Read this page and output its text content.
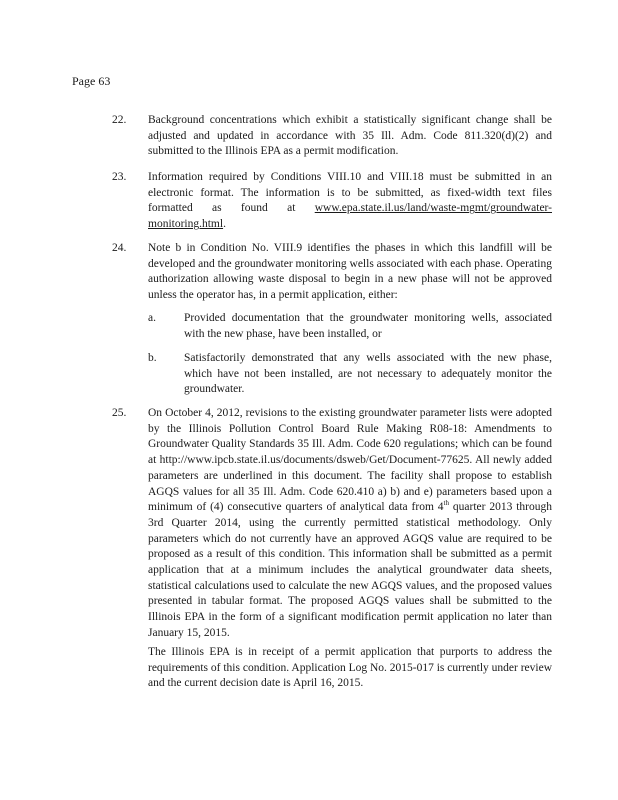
Page 63
22. Background concentrations which exhibit a statistically significant change shall be adjusted and updated in accordance with 35 Ill. Adm. Code 811.320(d)(2) and submitted to the Illinois EPA as a permit modification.
23. Information required by Conditions VIII.10 and VIII.18 must be submitted in an electronic format. The information is to be submitted, as fixed-width text files formatted as found at www.epa.state.il.us/land/waste-mgmt/groundwater-monitoring.html.
24. Note b in Condition No. VIII.9 identifies the phases in which this landfill will be developed and the groundwater monitoring wells associated with each phase. Operating authorization allowing waste disposal to begin in a new phase will not be approved unless the operator has, in a permit application, either:
a. Provided documentation that the groundwater monitoring wells, associated with the new phase, have been installed, or
b. Satisfactorily demonstrated that any wells associated with the new phase, which have not been installed, are not necessary to adequately monitor the groundwater.
25. On October 4, 2012, revisions to the existing groundwater parameter lists were adopted by the Illinois Pollution Control Board Rule Making R08-18: Amendments to Groundwater Quality Standards 35 Ill. Adm. Code 620 regulations; which can be found at http://www.ipcb.state.il.us/documents/dsweb/Get/Document-77625. All newly added parameters are underlined in this document. The facility shall propose to establish AGQS values for all 35 Ill. Adm. Code 620.410 a) b) and e) parameters based upon a minimum of (4) consecutive quarters of analytical data from 4th quarter 2013 through 3rd Quarter 2014, using the currently permitted statistical methodology. Only parameters which do not currently have an approved AGQS value are required to be proposed as a result of this condition. This information shall be submitted as a permit application that at a minimum includes the analytical groundwater data sheets, statistical calculations used to calculate the new AGQS values, and the proposed values presented in tabular format. The proposed AGQS values shall be submitted to the Illinois EPA in the form of a significant modification permit application no later than January 15, 2015.
The Illinois EPA is in receipt of a permit application that purports to address the requirements of this condition. Application Log No. 2015-017 is currently under review and the current decision date is April 16, 2015.
